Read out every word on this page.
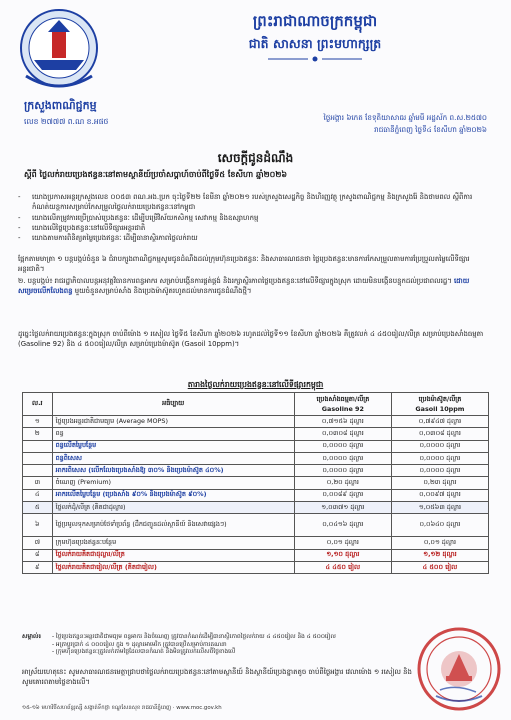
ព្រះរាជាណាចក្រកម្ពុជា
ជាតិ សាសនា ព្រះមហាក្សត្រ
ក្រសួងពាណិជ្ជកម្ម
លេខ ២៧៧៧ ព.ណ ខ.អផថ	ថ្ងៃអង្គារ ៦កេត ខែទុតិយាសាឍ ឆ្នាំមមី អដ្ឋស័ក ព.ស.២៥៧០
រាជធានីភ្នំពេញ ថ្ងៃទី៤ ខែសីហា ឆ្នាំ២០២៦
សេចក្តីជូនដំណឹង
ស្តីពី ថ្លៃលក់រាយប្រេងឥន្ធនៈនៅតាមស្ថានីយ៍ប្រចាំសប្តាហ៍ចាប់ពីថ្ងៃទី៥ ខែសីហា ឆ្នាំ២០២៦
-	យោងប្រកាសអន្តរក្រសួងលេខ ០០៥៣ ពណ.អង.ប្រក ចុះថ្ងៃទី២២ ខែមីនា ឆ្នាំ២០២១ របស់ក្រសួងសេដ្ឋកិច្ច និងហិរញ្ញវត្ថុ ក្រសួងពាណិជ្ជកម្ម និងក្រសួងរ៉ែ និងថាមពល ស្តីពីការកំណត់យន្តការសម្រាប់កែសម្រួលថ្លៃលក់រាយប្រេងឥន្ធនៈនៅកម្ពុជា
-	យោងលើតម្រូវការប្រើប្រាស់ប្រេងឥន្ធនៈ ដើម្បីបម្រើវិស័យកសិកម្ម សេវាកម្ម និងឧស្សាហកម្ម
-	យោងលើថ្លៃប្រេងឥន្ធនៈនៅលើទីផ្សារអន្តរជាតិ
-	យោងតាមការពិនិត្យតម្លៃប្រេងឥន្ធនៈ ដើម្បីធានាស្ថិរភាពថ្លៃលក់រាយ
ផ្អែកតាមមាត្រា ១ បន្តបង្កប់ចំនួន ៦ ជំរាបក្សួងពាណិជ្ជកម្មសូមជូនដំណឹងដល់ក្រុមហ៊ុនប្រេងឥន្ធនៈ និងសាធារណជនថា ថ្លៃប្រេងឥន្ធនៈមានការកែសម្រួលតាមការប្រែប្រួលតម្លៃលើទីផ្សារអន្តរជាតិ។
២. បន្តបង្កប់៖ រាជរដ្ឋាភិបាលបន្តអនុវត្តវិធានការពន្ធអាករ សម្រាប់បង្កើនការផ្គត់ផ្គង់ និងរក្សាស្ថិរភាពថ្លៃប្រេងឥន្ធនៈនៅលើទីផ្សារក្នុងស្រុក ដោយមិនបង្កើនបន្ទុកដល់ប្រជាពលរដ្ឋ។ ដោយសម្រេចលើកលែងពន្ធ មួយចំនួនសម្រាប់សាំង និងប្រេងម៉ាស៊ូតរហូតដល់មានការជូនដំណឹងថ្មី។
ដូច្នេះថ្លៃលក់រាយប្រេងឥន្ធនៈក្នុងស្រុក ចាប់ពីម៉ោង ១ រសៀល ថ្ងៃទី៥ ខែសីហា ឆ្នាំ២០២៦ រហូតដល់ថ្ងៃទី១១ ខែសីហា ឆ្នាំ២០២៦ គឺត្រូវលក់ ៤ ៤៥០រៀល/លីត្រ សម្រាប់ប្រេងសាំងធម្មតា (Gasoline 92) និង ៤ ៥០០រៀល/លីត្រ សម្រាប់ប្រេងម៉ាស៊ូត (Gasoil 10ppm)។
តារាងថ្លៃលក់រាយប្រេងឥន្ធនៈនៅលើទីផ្សារកម្ពុជា
ល.រ	អធិប្បាយ	ប្រេងសាំងធម្មតា/លីត្រ
Gasoline 92	ប្រេងម៉ាស៊ូត/លីត្រ
Gasoil 10ppm
១	ថ្លៃប្រេងអន្តរជាតិជាមធ្យម (Average MOPS)	០,៧១៥៦ ដុល្លារ	០,៧៩៤៧ ដុល្លារ
២	ពន្ធ	០,០៣០៨ ដុល្លារ	០,០៣០៨ ដុល្លារ
	ពន្ធលើតម្លៃបន្ថែម	០,០០០០ ដុល្លារ	០,០០០០ ដុល្លារ
	ពន្ធពិសេស	០,០០០០ ដុល្លារ	០,០០០០ ដុល្លារ
	អាករពិសេស (លើកលែងប្រេងសាំងឱ្យ ៣០% និងប្រេងម៉ាស៊ូត ៤០%)	០,០០០០ ដុល្លារ	០,០០០០ ដុល្លារ
៣	ចំណេញ (Premium)	០,២០ ដុល្លារ	០,២៣ ដុល្លារ
៤	អាករលើតម្លៃបន្ថែម (ប្រេងសាំង ៩០% និងប្រេងម៉ាស៊ូត ៩០%)	០,០០៨៩ ដុល្លារ	០,០០៩៧ ដុល្លារ
៥	ថ្លៃលក់ដុំ/លីត្រ (គិតជាដុល្លារ)	១,០៣៧១ ដុល្លារ	១,០៥៦៣ ដុល្លារ
៦	ថ្លៃប្រមូលទុកសម្រាប់ថែទាំប្រព័ន្ធ (ដឹកជញ្ជូនដល់ស្ថានីយ៍ និងសេវាផ្សេងៗ)	០,០៤១៦ ដុល្លារ	០,០៦៤០ ដុល្លារ
៧	ក្រុមហ៊ុនប្រេងឥន្ធនៈបន្ថែម	០,០១ ដុល្លារ	០,០១ ដុល្លារ
៨	ថ្លៃលក់រាយគិតជាដុល្លារ/លីត្រ	១,១០ ដុល្លារ	១,១២ ដុល្លារ
៩	ថ្លៃលក់រាយគិតជារៀល/លីត្រ (គិតជារៀល)	៤ ៤៥០ រៀល	៤ ៥០០ រៀល
សម្គាល់៖	- ថ្លៃប្រេងឥន្ធនៈអន្តរជាតិជាមធ្យម ពន្ធអាករ និងចំណេញ ត្រូវបានកំណត់ដើម្បីធានាស្ថិរភាពថ្លៃលក់រាយ ៤ ៤៥០រៀល និង ៤ ៥០០រៀល
- អត្រាប្តូរប្រាក់ ៤ ០០០រៀល ក្នុង ១ ដុល្លារអាមេរិក ត្រូវបានប្រើសម្រាប់ការគណនា
- ក្រុមហ៊ុនប្រេងឥន្ធនៈត្រូវលក់តាមថ្លៃដែលបានកំណត់ និងមិនត្រូវលក់លើសពីថ្លៃខាងលើ
អាស្រ័យហេតុនេះ សូមសាធារណជនមេត្តាជ្រាបថាថ្លៃលក់រាយប្រេងឥន្ធនៈនៅតាមស្ថានីយ៍ និងស្ថានីយ៍ប្រេងខ្នាតតូច ចាប់ពីថ្ងៃអង្គារ វេលាម៉ោង ១ រសៀល និងសូមគោរពតាមថ្លៃខាងលើ។
១៥-១៦ មហាវិថីសហព័ន្ធរុស្សី សង្កាត់ទឹកថ្លា ខណ្ឌសែនសុខ រាជធានីភ្នំពេញ · www.moc.gov.kh
